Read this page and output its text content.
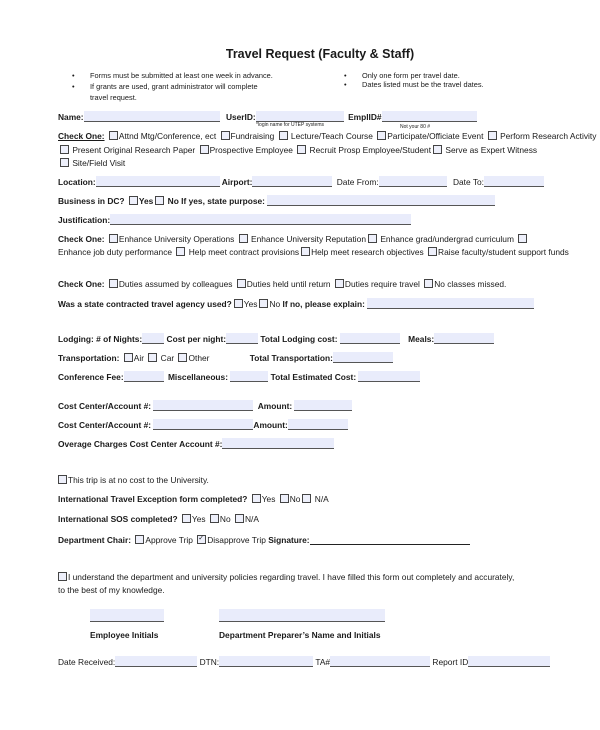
Travel Request (Faculty & Staff)
• Forms must be submitted at least one week in advance.
• If grants are used, grant administrator will complete
travel request.
• Only one form per travel date.
• Dates listed must be the travel dates.
Name:	UserID:	EmplID#
*login name for UTEP systems	Not your 80 #
Check One: Attnd Mtg/Conference, ect Fundraising Lecture/Teach Course Participate/Officiate Event Perform Research Activity
Present Original Research Paper Prospective Employee Recruit Prosp Employee/Student Serve as Expert Witness
Site/Field Visit
Location:	Airport:	Date From:	Date To:
Business in DC? Yes No If yes, state purpose:
Justification:
Check One: Enhance University Operations Enhance University Reputation Enhance grad/undergrad curriculum
Enhance job duty performance Help meet contract provisions Help meet research objectives Raise faculty/student support funds
Check One: Duties assumed by colleagues Duties held until return Duties require travel No classes missed.
Was a state contracted travel agency used? Yes No If no, please explain:
Lodging: # of Nights:	Cost per night:	Total Lodging cost:	Meals:
Transportation: Air Car Other	Total Transportation:
Conference Fee:	Miscellaneous:	Total Estimated Cost:
Cost Center/Account #:	Amount:
Cost Center/Account #:	Amount:
Overage Charges Cost Center Account #:
This trip is at no cost to the University.
International Travel Exception form completed? Yes No N/A
International SOS completed? Yes No N/A
Department Chair: Approve Trip ✓ Disapprove Trip Signature:
I understand the department and university policies regarding travel. I have filled this form out completely and accurately,
to the best of my knowledge.
Employee Initials	Department Preparer’s Name and Initials
Date Received:	DTN:	TA#	Report ID
